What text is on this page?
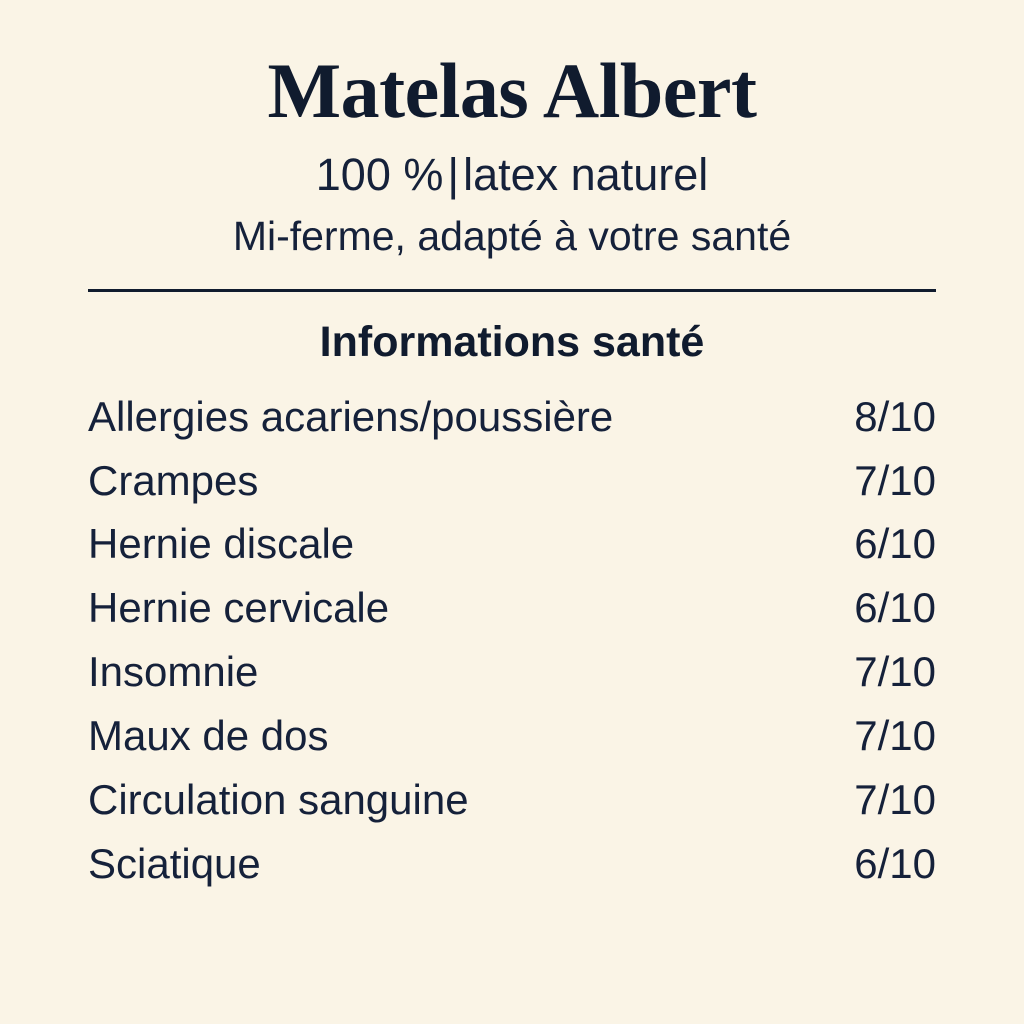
Matelas Albert
100 %|latex naturel
Mi-ferme, adapté à votre santé
Informations santé
Allergies acariens/poussière	8/10
Crampes	7/10
Hernie discale	6/10
Hernie cervicale	6/10
Insomnie	7/10
Maux de dos	7/10
Circulation sanguine	7/10
Sciatique	6/10
